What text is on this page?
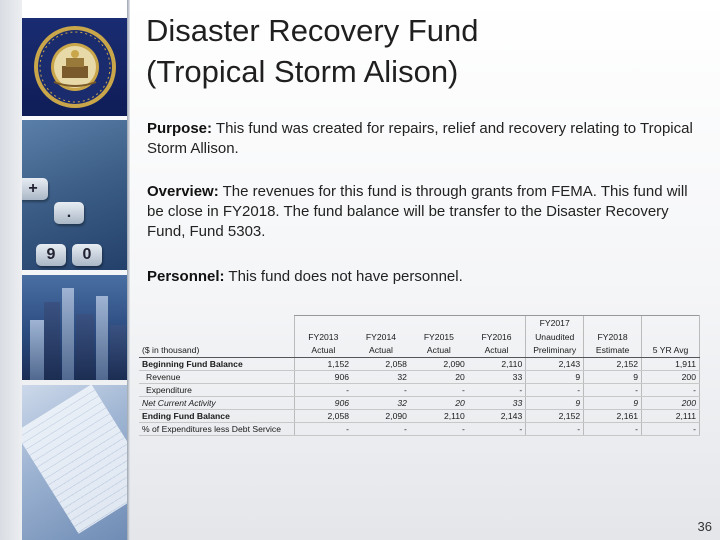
+
9	0
.
Disaster Recovery Fund
(Tropical Storm Alison)
Purpose: This fund was created for repairs, relief and recovery relating to Tropical Storm Allison.
Overview: The revenues for this fund is through grants from FEMA. This fund will be close in FY2018. The fund balance will be transfer to the Disaster Recovery Fund, Fund 5303.
Personnel: This fund does not have personnel.
					FY2017		
	FY2013	FY2014	FY2015	FY2016	Unaudited	FY2018	
($ in thousand)	Actual	Actual	Actual	Actual	Preliminary	Estimate	5 YR Avg
Beginning Fund Balance	1,152	2,058	2,090	2,110	2,143	2,152	1,911
Revenue	906	32	20	33	9	9	200
Expenditure	-	-	-	-	-	-	-
Net Current Activity	906	32	20	33	9	9	200
Ending Fund Balance	2,058	2,090	2,110	2,143	2,152	2,161	2,111
% of Expenditures less Debt Service	-	-	-	-	-	-	-
36
